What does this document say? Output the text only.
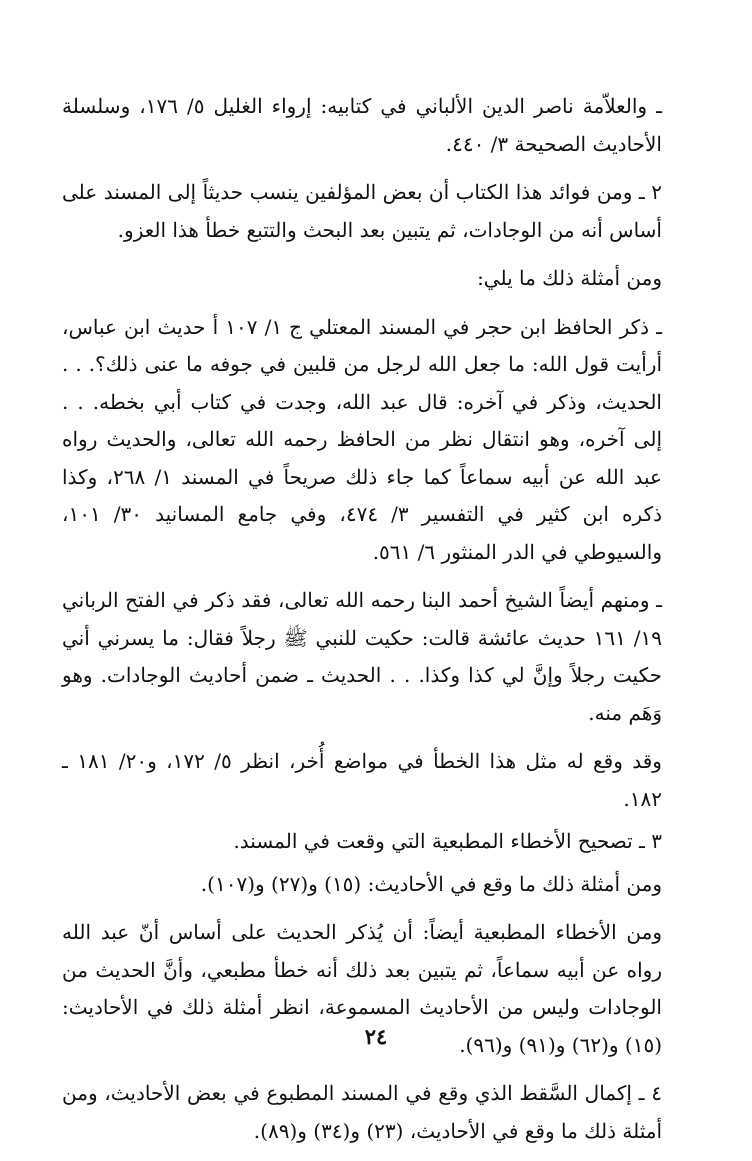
ـ والعلاّمة ناصر الدين الألباني في كتابيه: إرواء الغليل ٥/ ١٧٦، وسلسلة الأحاديث الصحيحة ٣/ ٤٤٠.

٢ ـ ومن فوائد هذا الكتاب أن بعض المؤلفين ينسب حديثاً إلى المسند على أساس أنه من الوجادات، ثم يتبين بعد البحث والتتبع خطأ هذا العزو.

ومن أمثلة ذلك ما يلي:

ـ ذكر الحافظ ابن حجر في المسند المعتلي ج ١/ ١٠٧ أ حديث ابن عباس، أرأيت قول الله: ما جعل الله لرجل من قلبين في جوفه ما عنى ذلك؟. . . الحديث، وذكر في آخره: قال عبد الله، وجدت في كتاب أبي بخطه. . . إلى آخره، وهو انتقال نظر من الحافظ رحمه الله تعالى، والحديث رواه عبد الله عن أبيه سماعاً كما جاء ذلك صريحاً في المسند ١/ ٢٦٨، وكذا ذكره ابن كثير في التفسير ٣/ ٤٧٤، وفي جامع المسانيد ٣٠/ ١٠١، والسيوطي في الدر المنثور ٦/ ٥٦١.

ـ ومنهم أيضاً الشيخ أحمد البنا رحمه الله تعالى، فقد ذكر في الفتح الرباني ١٩/ ١٦١ حديث عائشة قالت: حكيت للنبي ﷺ رجلاً فقال: ما يسرني أني حكيت رجلاً وإنَّ لي كذا وكذا. . . الحديث ـ ضمن أحاديث الوجادات. وهو وَهَم منه.

وقد وقع له مثل هذا الخطأ في مواضع أُخر، انظر ٥/ ١٧٢، و٢٠/ ١٨١ ـ ١٨٢.

٣ ـ تصحيح الأخطاء المطبعية التي وقعت في المسند.

ومن أمثلة ذلك ما وقع في الأحاديث: (١٥) و(٢٧) و(١٠٧).

ومن الأخطاء المطبعية أيضاً: أن يُذكر الحديث على أساس أنّ عبد الله رواه عن أبيه سماعاً، ثم يتبين بعد ذلك أنه خطأ مطبعي، وأنَّ الحديث من الوجادات وليس من الأحاديث المسموعة، انظر أمثلة ذلك في الأحاديث: (١٥) و(٦٢) و(٩١) و(٩٦).

٤ ـ إكمال السَّقط الذي وقع في المسند المطبوع في بعض الأحاديث، ومن أمثلة ذلك ما وقع في الأحاديث، (٢٣) و(٣٤) و(٨٩).

٢٤
